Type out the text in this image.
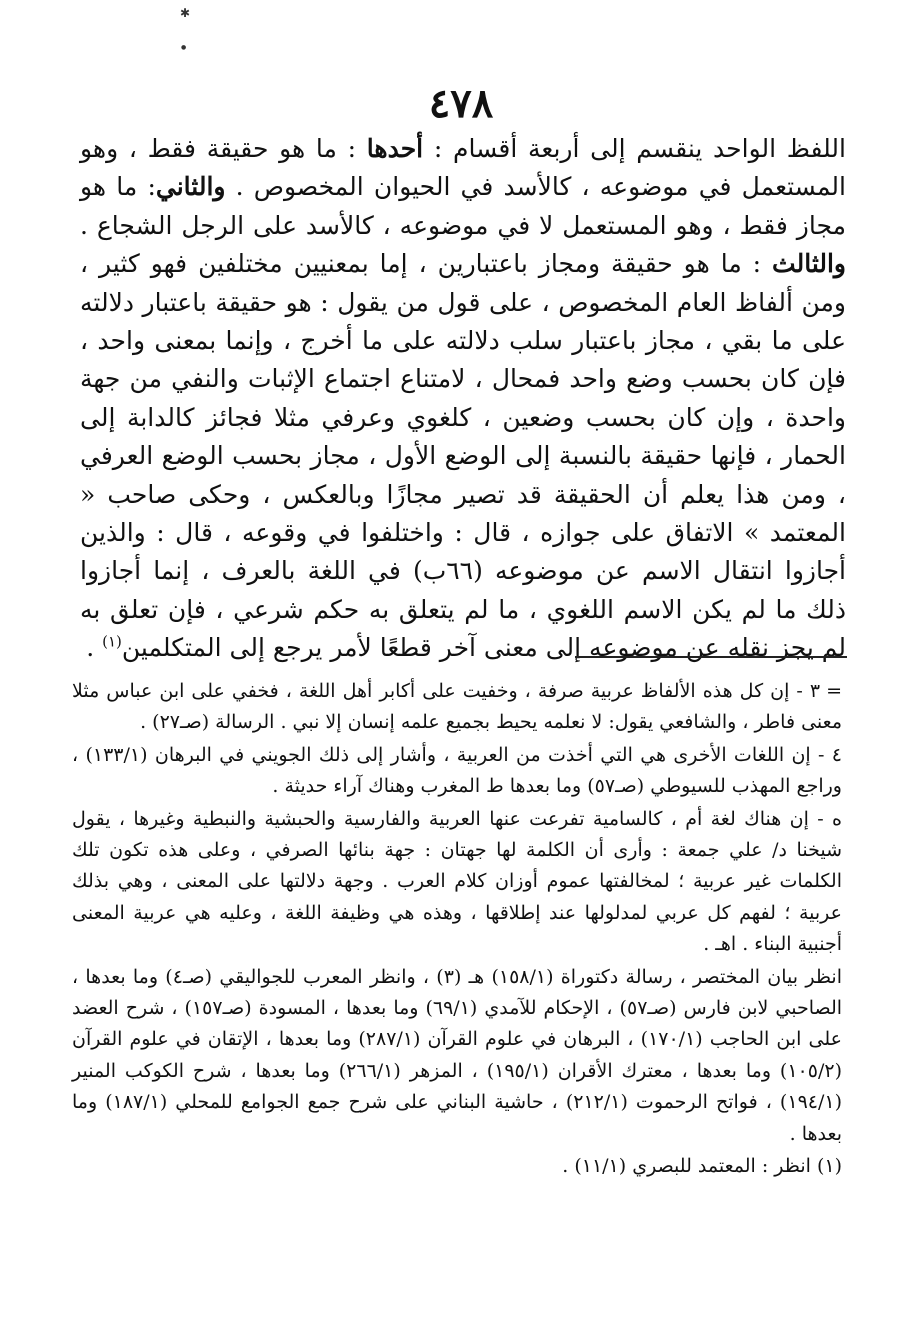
✱
●
٤٧٨

اللفظ الواحد ينقسم إلى أربعة أقسام : أحدها : ما هو حقيقة فقط ، وهو المستعمل في موضوعه ، كالأسد في الحيوان المخصوص . والثاني: ما هو مجاز فقط ، وهو المستعمل لا في موضوعه ، كالأسد على الرجل الشجاع . والثالث : ما هو حقيقة ومجاز باعتبارين ، إما بمعنيين مختلفين فهو كثير ، ومن ألفاظ العام المخصوص ، على قول من يقول : هو حقيقة باعتبار دلالته على ما بقي ، مجاز باعتبار سلب دلالته على ما أخرج ، وإنما بمعنى واحد ، فإن كان بحسب وضع واحد فمحال ، لامتناع اجتماع الإثبات والنفي من جهة واحدة ، وإن كان بحسب وضعين ، كلغوي وعرفي مثلا فجائز كالدابة إلى الحمار ، فإنها حقيقة بالنسبة إلى الوضع الأول ، مجاز بحسب الوضع العرفي ، ومن هذا يعلم أن الحقيقة قد تصير مجازًا وبالعكس ، وحكى صاحب « المعتمد » الاتفاق على جوازه ، قال : واختلفوا في وقوعه ، قال : والذين أجازوا انتقال الاسم عن موضوعه (٦٦ب) في اللغة بالعرف ، إنما أجازوا ذلك ما لم يكن الاسم اللغوي ، ما لم يتعلق به حكم شرعي ، فإن تعلق به لم يجز نقله عن موضوعه إلى معنى آخر قطعًا لأمر يرجع إلى المتكلمين$^{(١)}$ .

=٣ - إن كل هذه الألفاظ عربية صرفة ، وخفيت على أكابر أهل اللغة ، فخفي على ابن عباس مثلا معنى فاطر ، والشافعي يقول: لا نعلمه يحيط بجميع علمه إنسان إلا نبي . الرسالة (صـ٢٧) .

٤ - إن اللغات الأخرى هي التي أخذت من العربية ، وأشار إلى ذلك الجويني في البرهان (١٣٣/١) ، وراجع المهذب للسيوطي (صـ٥٧) وما بعدها ط المغرب وهناك آراء حديثة .

ه - إن هناك لغة أم ، كالسامية تفرعت عنها العربية والفارسية والحبشية والنبطية وغيرها ، يقول شيخنا د/ علي جمعة : وأرى أن الكلمة لها جهتان : جهة بنائها الصرفي ، وعلى هذه تكون تلك الكلمات غير عربية ؛ لمخالفتها عموم أوزان كلام العرب . وجهة دلالتها على المعنى ، وهي بذلك عربية ؛ لفهم كل عربي لمدلولها عند إطلاقها ، وهذه هي وظيفة اللغة ، وعليه هي عربية المعنى أجنبية البناء . اهـ .

انظر بيان المختصر ، رسالة دكتوراة (١٥٨/١) هـ (٣) ، وانظر المعرب للجواليقي (صـ٤) وما بعدها ، الصاحبي لابن فارس (صـ٥٧) ، الإحكام للآمدي (٦٩/١) وما بعدها ، المسودة (صـ١٥٧) ، شرح العضد على ابن الحاجب (١٧٠/١) ، البرهان في علوم القرآن (٢٨٧/١) وما بعدها ، الإتقان في علوم القرآن (١٠٥/٢) وما بعدها ، معترك الأقران (١٩٥/١) ، المزهر (٢٦٦/١) وما بعدها ، شرح الكوكب المنير (١٩٤/١) ، فواتح الرحموت (٢١٢/١) ، حاشية البناني على شرح جمع الجوامع للمحلي (١٨٧/١) وما بعدها .

(١)انظر : المعتمد للبصري (١١/١) .
